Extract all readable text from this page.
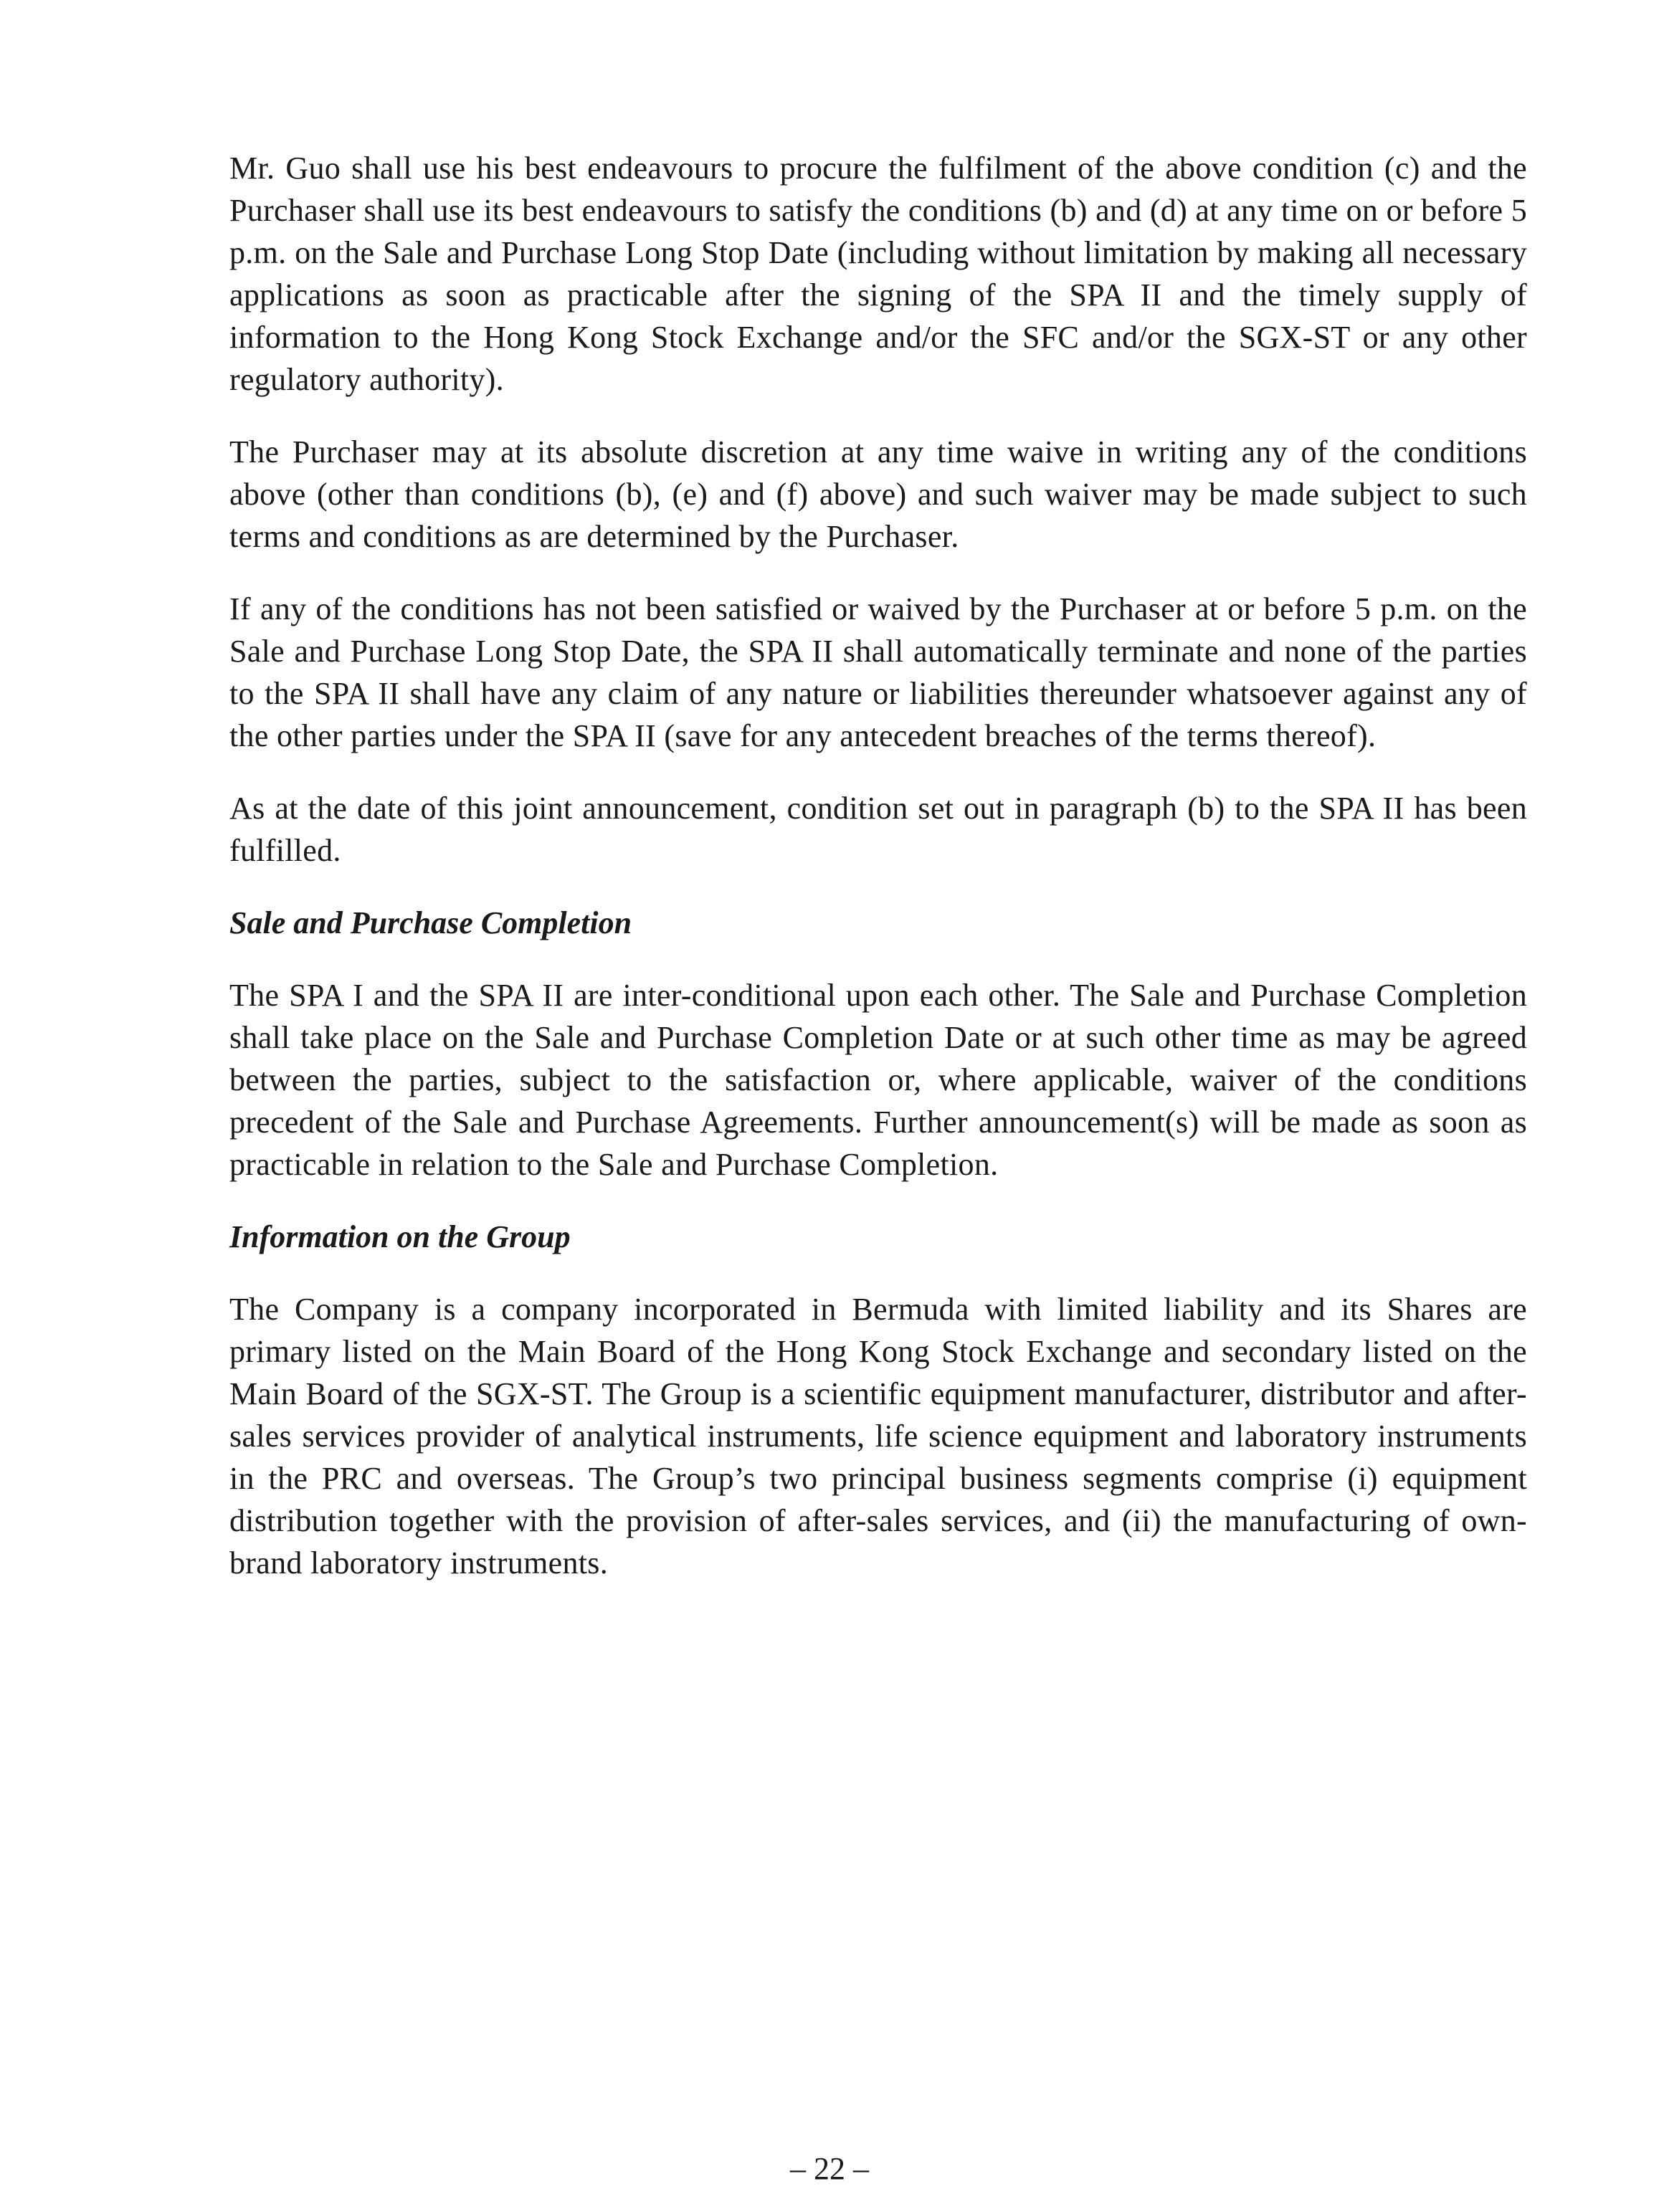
Mr. Guo shall use his best endeavours to procure the fulfilment of the above condition (c) and the Purchaser shall use its best endeavours to satisfy the conditions (b) and (d) at any time on or before 5 p.m. on the Sale and Purchase Long Stop Date (including without limitation by making all necessary applications as soon as practicable after the signing of the SPA II and the timely supply of information to the Hong Kong Stock Exchange and/or the SFC and/or the SGX-ST or any other regulatory authority).

The Purchaser may at its absolute discretion at any time waive in writing any of the conditions above (other than conditions (b), (e) and (f) above) and such waiver may be made subject to such terms and conditions as are determined by the Purchaser.

If any of the conditions has not been satisfied or waived by the Purchaser at or before 5 p.m. on the Sale and Purchase Long Stop Date, the SPA II shall automatically terminate and none of the parties to the SPA II shall have any claim of any nature or liabilities thereunder whatsoever against any of the other parties under the SPA II (save for any antecedent breaches of the terms thereof).

As at the date of this joint announcement, condition set out in paragraph (b) to the SPA II has been fulfilled.

Sale and Purchase Completion

The SPA I and the SPA II are inter-conditional upon each other. The Sale and Purchase Completion shall take place on the Sale and Purchase Completion Date or at such other time as may be agreed between the parties, subject to the satisfaction or, where applicable, waiver of the conditions precedent of the Sale and Purchase Agreements. Further announcement(s) will be made as soon as practicable in relation to the Sale and Purchase Completion.

Information on the Group

The Company is a company incorporated in Bermuda with limited liability and its Shares are primary listed on the Main Board of the Hong Kong Stock Exchange and secondary listed on the Main Board of the SGX-ST. The Group is a scientific equipment manufacturer, distributor and after-sales services provider of analytical instruments, life science equipment and laboratory instruments in the PRC and overseas. The Group’s two principal business segments comprise (i) equipment distribution together with the provision of after-sales services, and (ii) the manufacturing of own-brand laboratory instruments.

– 22 –
